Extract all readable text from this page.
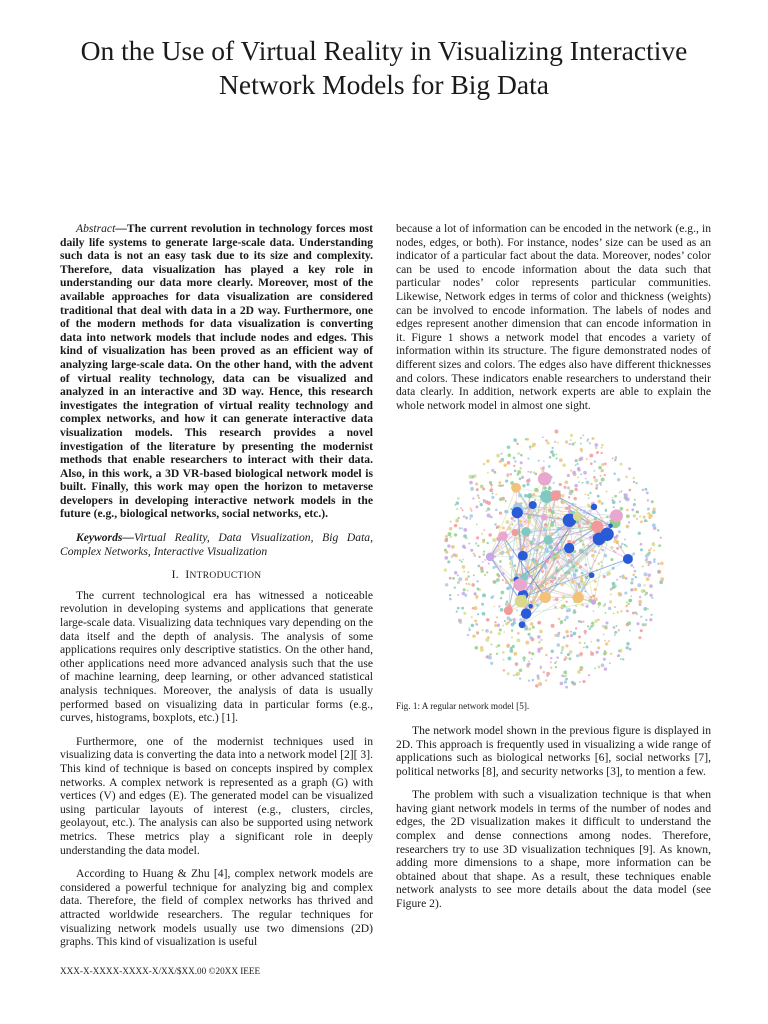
On the Use of Virtual Reality in Visualizing Interactive Network Models for Big Data

Abstract—The current revolution in technology forces most daily life systems to generate large-scale data. Understanding such data is not an easy task due to its size and complexity. Therefore, data visualization has played a key role in understanding our data more clearly. Moreover, most of the available approaches for data visualization are considered traditional that deal with data in a 2D way. Furthermore, one of the modern methods for data visualization is converting data into network models that include nodes and edges. This kind of visualization has been proved as an efficient way of analyzing large-scale data. On the other hand, with the advent of virtual reality technology, data can be visualized and analyzed in an interactive and 3D way. Hence, this research investigates the integration of virtual reality technology and complex networks, and how it can generate interactive data visualization models. This research provides a novel investigation of the literature by presenting the modernist methods that enable researchers to interact with their data. Also, in this work, a 3D VR-based biological network model is built. Finally, this work may open the horizon to metaverse developers in developing interactive network models in the future (e.g., biological networks, social networks, etc.).

Keywords—Virtual Reality, Data Visualization, Big Data, Complex Networks, Interactive Visualization

I. INTRODUCTION

The current technological era has witnessed a noticeable revolution in developing systems and applications that generate large-scale data. Visualizing data techniques vary depending on the data itself and the depth of analysis. The analysis of some applications requires only descriptive statistics. On the other hand, other applications need more advanced analysis such that the use of machine learning, deep learning, or other advanced statistical analysis techniques. Moreover, the analysis of data is usually performed based on visualizing data in particular forms (e.g., curves, histograms, boxplots, etc.) [1].

Furthermore, one of the modernist techniques used in visualizing data is converting the data into a network model [2][ 3]. This kind of technique is based on concepts inspired by complex networks. A complex network is represented as a graph (G) with vertices (V) and edges (E). The generated model can be visualized using particular layouts of interest (e.g., clusters, circles, geolayout, etc.). The analysis can also be supported using network metrics. These metrics play a significant role in deeply understanding the data model.

According to Huang & Zhu [4], complex network models are considered a powerful technique for analyzing big and complex data. Therefore, the field of complex networks has thrived and attracted worldwide researchers. The regular techniques for visualizing network models usually use two dimensions (2D) graphs. This kind of visualization is useful

because a lot of information can be encoded in the network (e.g., in nodes, edges, or both). For instance, nodes’ size can be used as an indicator of a particular fact about the data. Moreover, nodes’ color can be used to encode information about the data such that particular nodes’ color represents particular communities. Likewise, Network edges in terms of color and thickness (weights) can be involved to encode information. The labels of nodes and edges represent another dimension that can encode information in it. Figure 1 shows a network model that encodes a variety of information within its structure. The figure demonstrated nodes of different sizes and colors. The edges also have different thicknesses and colors. These indicators enable researchers to understand their data clearly. In addition, network experts are able to explain the whole network model in almost one sight.

Fig. 1: A regular network model [5].

The network model shown in the previous figure is displayed in 2D. This approach is frequently used in visualizing a wide range of applications such as biological networks [6], social networks [7], political networks [8], and security networks [3], to mention a few.

The problem with such a visualization technique is that when having giant network models in terms of the number of nodes and edges, the 2D visualization makes it difficult to understand the complex and dense connections among nodes. Therefore, researchers try to use 3D visualization techniques [9]. As known, adding more dimensions to a shape, more information can be obtained about that shape. As a result, these techniques enable network analysts to see more details about the data model (see Figure 2).

XXX-X-XXXX-XXXX-X/XX/$XX.00 ©20XX IEEE
